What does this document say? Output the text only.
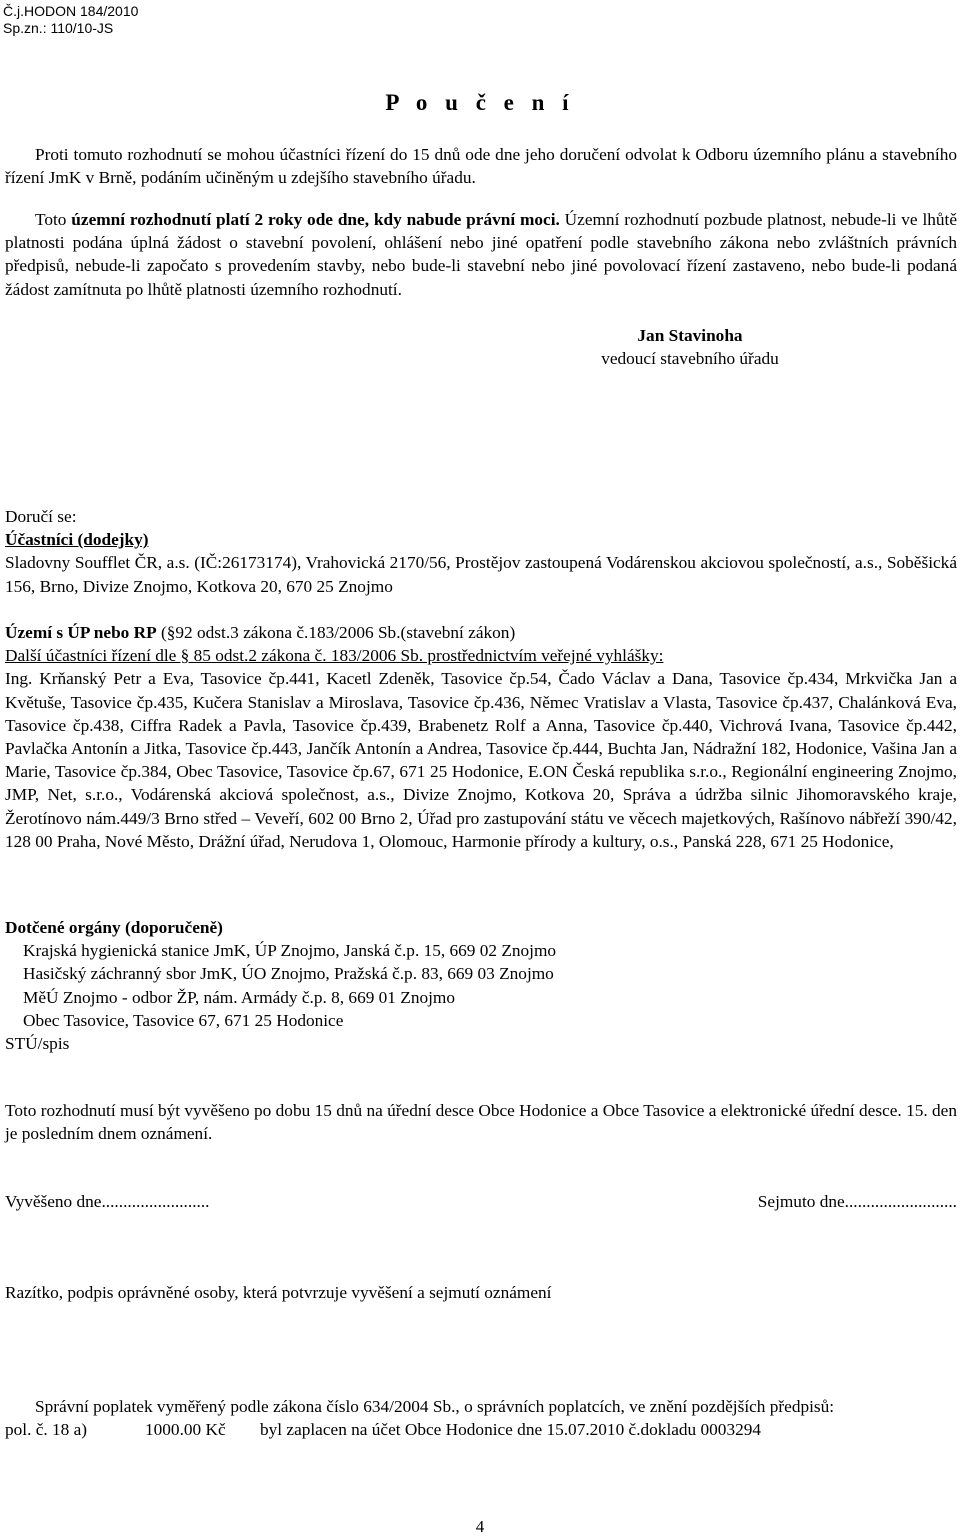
Č.j.HODON 184/2010
Sp.zn.: 110/10-JS
P o u č e n í

Proti tomuto rozhodnutí se mohou účastníci řízení do 15 dnů ode dne jeho doručení odvolat k Odboru územního plánu a stavebního řízení JmK v Brně, podáním učiněným u zdejšího stavebního úřadu.

Toto územní rozhodnutí platí 2 roky ode dne, kdy nabude právní moci. Územní rozhodnutí pozbude platnost, nebude-li ve lhůtě platnosti podána úplná žádost o stavební povolení, ohlášení nebo jiné opatření podle stavebního zákona nebo zvláštních právních předpisů, nebude-li započato s provedením stavby, nebo bude-li stavební nebo jiné povolovací řízení zastaveno, nebo bude-li podaná žádost zamítnuta po lhůtě platnosti územního rozhodnutí.

Jan Stavinoha
vedoucí stavebního úřadu
Doručí se:
Účastníci (dodejky)
Sladovny Soufflet ČR, a.s. (IČ:26173174), Vrahovická 2170/56, Prostějov zastoupená Vodárenskou akciovou společností, a.s., Soběšická 156, Brno, Divize Znojmo, Kotkova 20, 670 25 Znojmo
Území s ÚP nebo RP (§92 odst.3 zákona č.183/2006 Sb.(stavební zákon)
Další účastníci řízení dle § 85 odst.2 zákona č. 183/2006 Sb. prostřednictvím veřejné vyhlášky:
Ing. Krňanský Petr a Eva, Tasovice čp.441, Kacetl Zdeněk, Tasovice čp.54, Čado Václav a Dana, Tasovice čp.434, Mrkvička Jan a Květuše, Tasovice čp.435, Kučera Stanislav a Miroslava, Tasovice čp.436, Němec Vratislav a Vlasta, Tasovice čp.437, Chalánková Eva, Tasovice čp.438, Ciffra Radek a Pavla, Tasovice čp.439, Brabenetz Rolf a Anna, Tasovice čp.440, Vichrová Ivana, Tasovice čp.442, Pavlačka Antonín a Jitka, Tasovice čp.443, Jančík Antonín a Andrea, Tasovice čp.444, Buchta Jan, Nádražní 182, Hodonice, Vašina Jan a Marie, Tasovice čp.384, Obec Tasovice, Tasovice čp.67, 671 25 Hodonice, E.ON Česká republika s.r.o., Regionální engineering Znojmo, JMP, Net, s.r.o., Vodárenská akciová společnost, a.s., Divize Znojmo, Kotkova 20, Správa a údržba silnic Jihomoravského kraje, Žerotínovo nám.449/3 Brno střed – Veveří, 602 00 Brno 2, Úřad pro zastupování státu ve věcech majetkových, Rašínovo nábřeží 390/42, 128 00 Praha, Nové Město, Drážní úřad, Nerudova 1, Olomouc, Harmonie přírody a kultury, o.s., Panská 228, 671 25 Hodonice,
Dotčené orgány (doporučeně)
Krajská hygienická stanice JmK, ÚP Znojmo, Janská č.p. 15, 669 02 Znojmo
Hasičský záchranný sbor JmK, ÚO Znojmo, Pražská č.p. 83, 669 03 Znojmo
MěÚ Znojmo - odbor ŽP, nám. Armády č.p. 8, 669 01 Znojmo
Obec Tasovice, Tasovice 67, 671 25 Hodonice
STÚ/spis
Toto rozhodnutí musí být vyvěšeno po dobu 15 dnů na úřední desce Obce Hodonice a Obce Tasovice a elektronické úřední desce. 15. den je posledním dnem oznámení.
Vyvěšeno dne.........................	Sejmuto dne..........................
Razítko, podpis oprávněné osoby, která potvrzuje vyvěšení a sejmutí oznámení
Správní poplatek vyměřený podle zákona číslo 634/2004 Sb., o správních poplatcích, ve znění pozdějších předpisů:
pol. č. 18 a)	1000.00 Kč byl zaplacen na účet Obce Hodonice dne 15.07.2010 č.dokladu 0003294
4
